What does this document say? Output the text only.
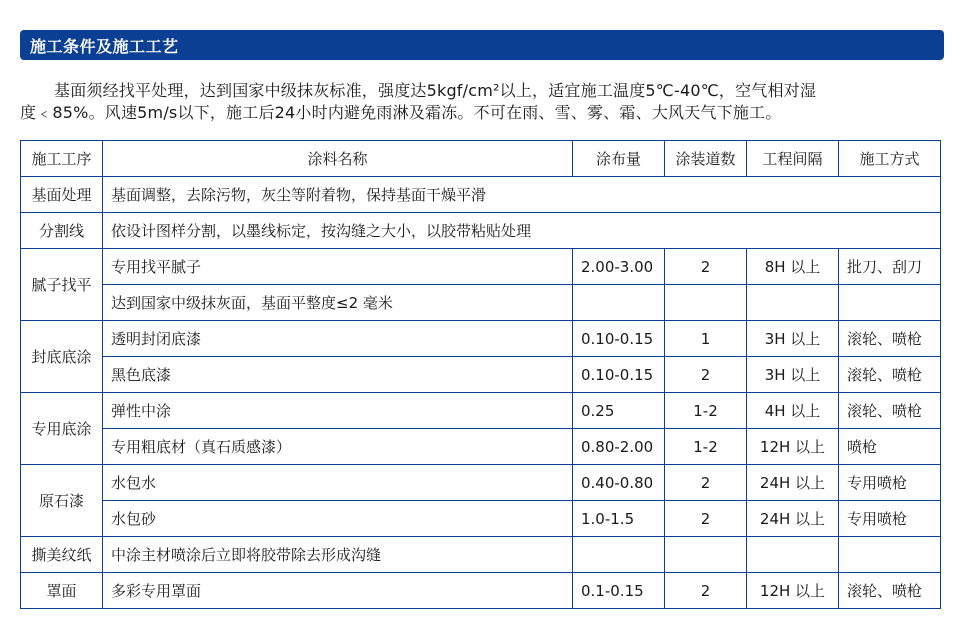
施工条件及施工工艺

基面须经找平处理，达到国家中级抹灰标准，强度达5kgf/cm²以上，适宜施工温度5℃-40℃，空气相对湿

度﹤85%。风速5m/s以下，施工后24小时内避免雨淋及霜冻。不可在雨、雪、雾、霜、大风天气下施工。

施工工序	涂料名称	涂布量	涂装道数	工程间隔	施工方式
基面处理	基面调整，去除污物，灰尘等附着物，保持基面干燥平滑				
分割线	依设计图样分割，以墨线标定，按沟缝之大小，以胶带粘贴处理				
腻子找平	专用找平腻子	2.00-3.00	2	8H 以上	批刀、刮刀
	达到国家中级抹灰面，基面平整度≤2 毫米				
封底底涂	透明封闭底漆	0.10-0.15	1	3H 以上	滚轮、喷枪
	黑色底漆	0.10-0.15	2	3H 以上	滚轮、喷枪
专用底涂	弹性中涂	0.25	1-2	4H 以上	滚轮、喷枪
	专用粗底材（真石质感漆）	0.80-2.00	1-2	12H 以上	喷枪
原石漆	水包水	0.40-0.80	2	24H 以上	专用喷枪
	水包砂	1.0-1.5	2	24H 以上	专用喷枪
撕美纹纸	中涂主材喷涂后立即将胶带除去形成沟缝				
罩面	多彩专用罩面	0.1-0.15	2	12H 以上	滚轮、喷枪
